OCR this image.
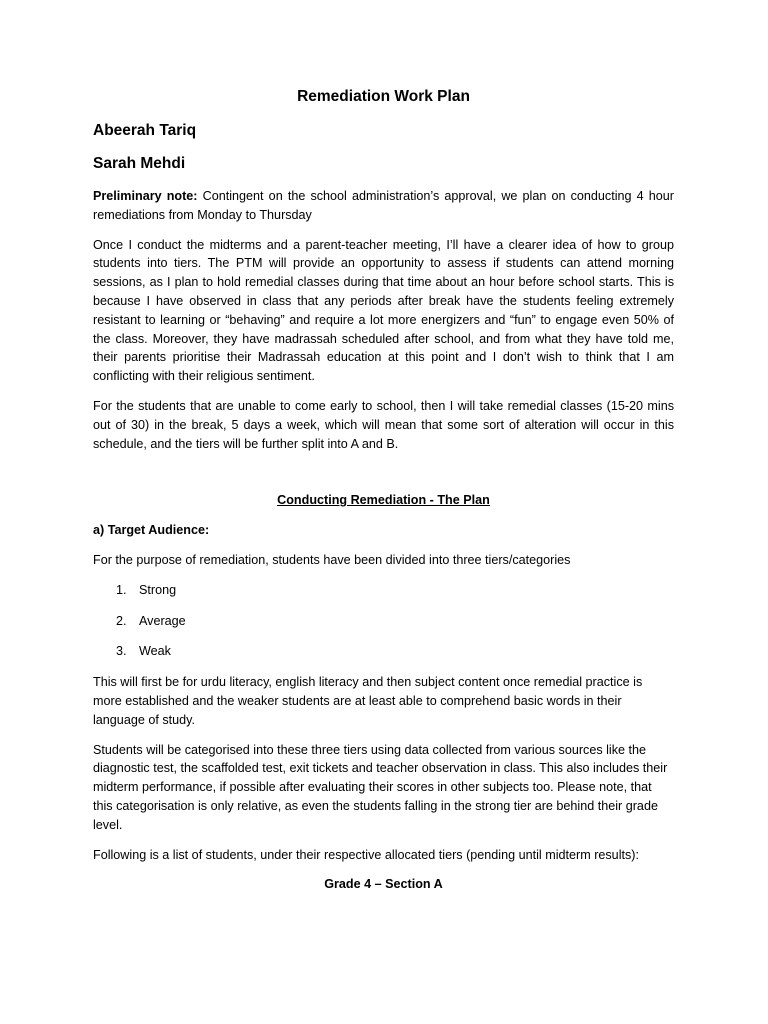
Remediation Work Plan
Abeerah Tariq
Sarah Mehdi

Preliminary note: Contingent on the school administration’s approval, we plan on conducting 4 hour remediations from Monday to Thursday

Once I conduct the midterms and a parent-teacher meeting, I’ll have a clearer idea of how to group students into tiers. The PTM will provide an opportunity to assess if students can attend morning sessions, as I plan to hold remedial classes during that time about an hour before school starts. This is because I have observed in class that any periods after break have the students feeling extremely resistant to learning or “behaving” and require a lot more energizers and “fun” to engage even 50% of the class. Moreover, they have madrassah scheduled after school, and from what they have told me, their parents prioritise their Madrassah education at this point and I don’t wish to think that I am conflicting with their religious sentiment.

For the students that are unable to come early to school, then I will take remedial classes (15-20 mins out of 30) in the break, 5 days a week, which will mean that some sort of alteration will occur in this schedule, and the tiers will be further split into A and B.

Conducting Remediation - The Plan
a) Target Audience:

For the purpose of remediation, students have been divided into three tiers/categories

1. Strong
2. Average
3. Weak

This will first be for urdu literacy, english literacy and then subject content once remedial practice is more established and the weaker students are at least able to comprehend basic words in their language of study.

Students will be categorised into these three tiers using data collected from various sources like the diagnostic test, the scaffolded test, exit tickets and teacher observation in class. This also includes their midterm performance, if possible after evaluating their scores in other subjects too. Please note, that this categorisation is only relative, as even the students falling in the strong tier are behind their grade level.

Following is a list of students, under their respective allocated tiers (pending until midterm results):

Grade 4 – Section A
